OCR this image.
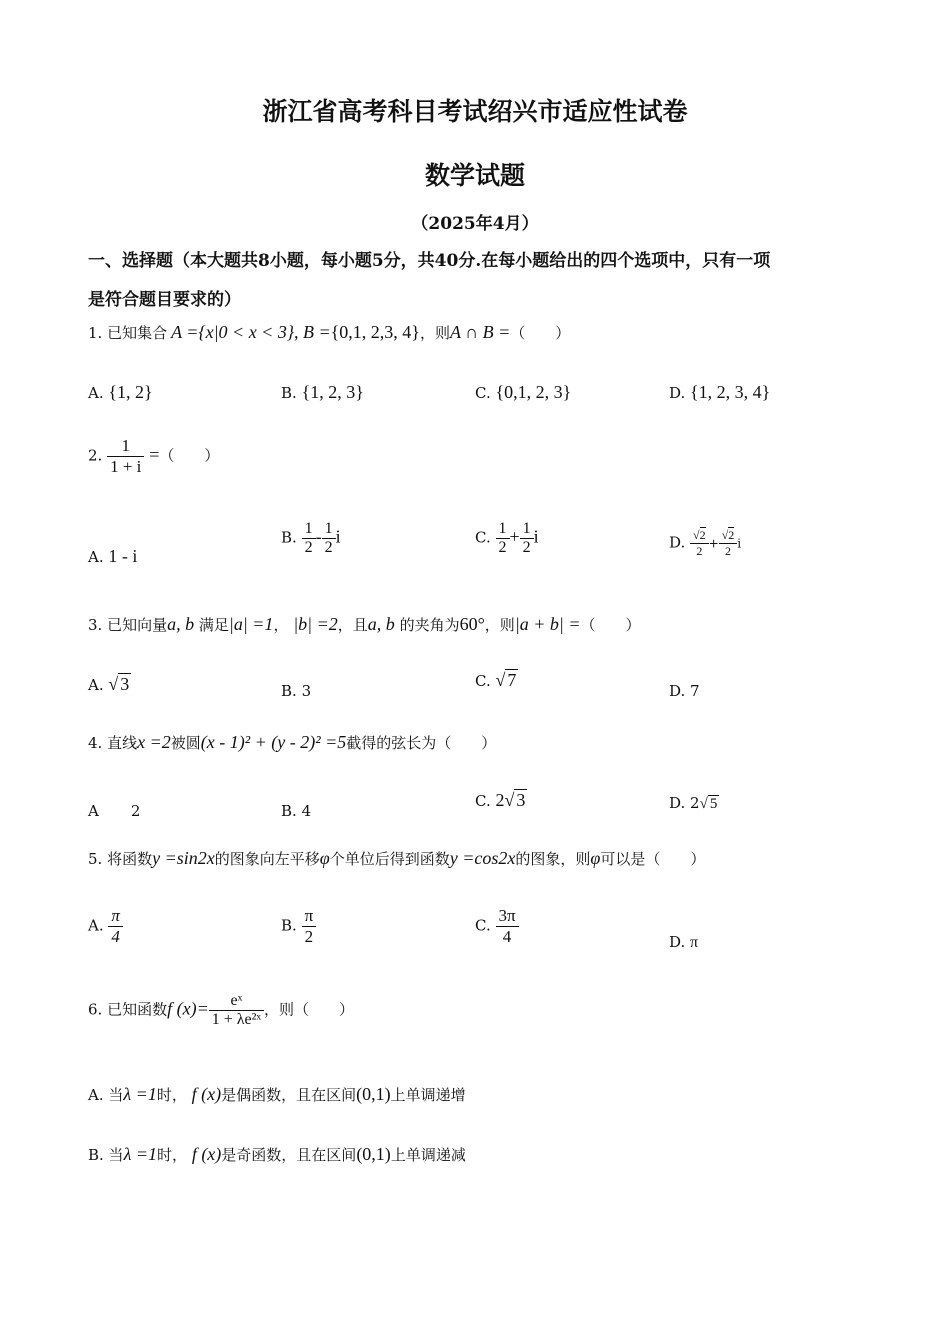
浙江省高考科目考试绍兴市适应性试卷
数学试题
（2025年4月）
一、选择题（本大题共8小题，每小题5分，共40分.在每小题给出的四个选项中，只有一项
是符合题目要求的）
1. 已知集合 A ={x|0 < x < 3}, B ={0,1, 2,3, 4}，则A ∩ B =（　　）
A. {1, 2}	B. {1, 2, 3}	C. {0,1, 2, 3}	D. {1, 2, 3, 4}
2. $\frac{1}{1 + i}$ =（　　）
A. 1 - i
B. $\frac{1}{2} - \frac{1}{2}$ i	C. $\frac{1}{2} + \frac{1}{2}$ i	D. $\frac{√2}{2} + \frac{√2}{2}$ i
3. 已知向量a, b 满足|a| =1， |b| =2，且a, b 的夹角为60°，则|a + b| =（　　）
A. √ 3	B. 3
C. √ 7
D. 7
4. 直线x =2被圆(x - 1)² + (y - 2)² =5截得的弦长为（　　）
A 2	B. 4
C. 2√ 3	D. 2√ 5
5. 将函数y =sin2x的图象向左平移φ个单位后得到函数y =cos2x的图象，则φ可以是（　　）
A. $\frac{\pi}{4}$	B. $\frac{\pi}{2}$	C. $\frac{3\pi}{4}$	D. π
6. 已知函数f $(x)= \frac{\text{eˣ}}{\text{1 + λe²ˣ}}$ ，则（　　）
A. 当λ =1时， f (x)是偶函数，且在区间(0,1)上单调递增
B. 当λ =1时， f (x)是奇函数，且在区间(0,1)上单调递减
